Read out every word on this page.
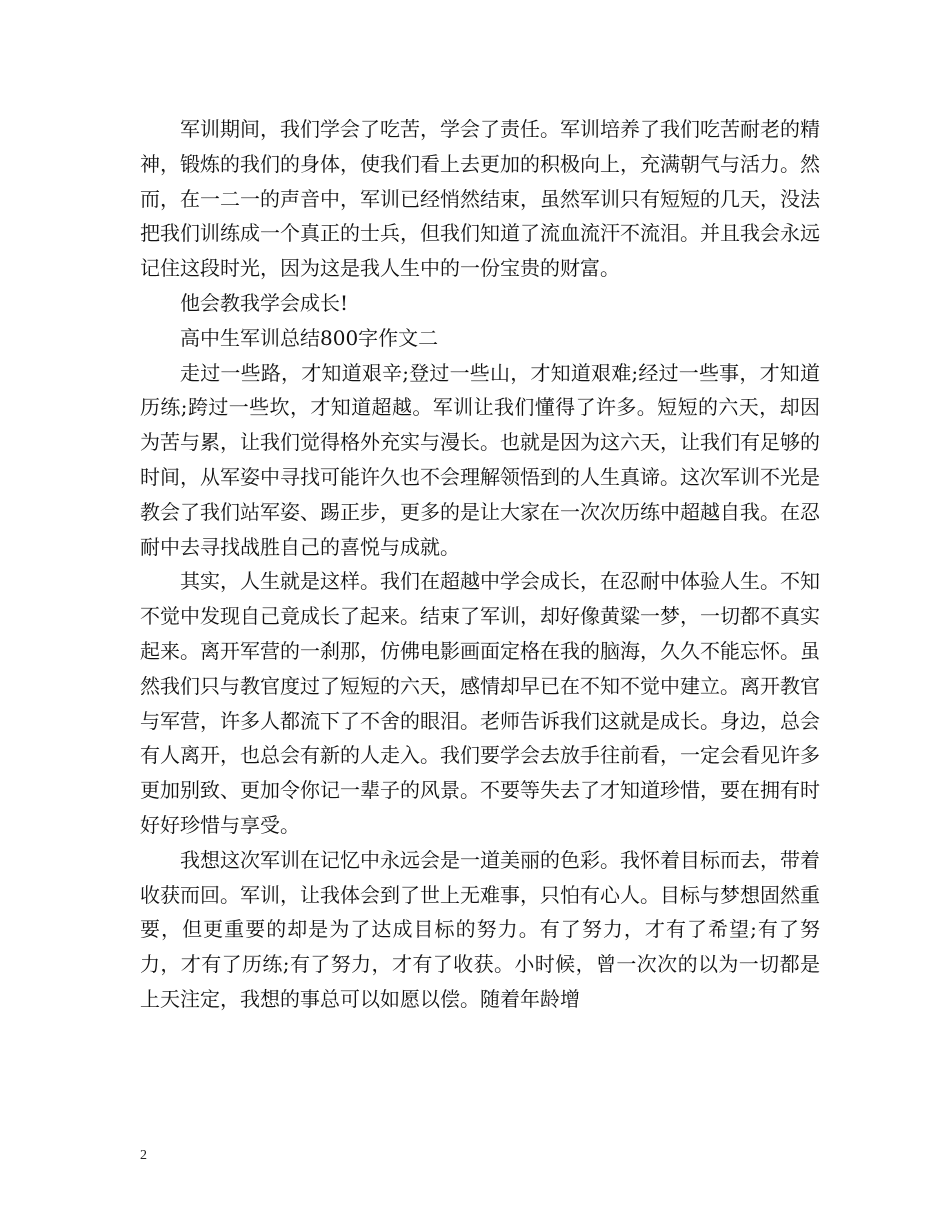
军训期间，我们学会了吃苦，学会了责任。军训培养了我们吃苦耐老的精神，锻炼的我们的身体，使我们看上去更加的积极向上，充满朝气与活力。然而，在一二一的声音中，军训已经悄然结束，虽然军训只有短短的几天，没法把我们训练成一个真正的士兵，但我们知道了流血流汗不流泪。并且我会永远记住这段时光，因为这是我人生中的一份宝贵的财富。

他会教我学会成长!

高中生军训总结800字作文二

走过一些路，才知道艰辛;登过一些山，才知道艰难;经过一些事，才知道历练;跨过一些坎，才知道超越。军训让我们懂得了许多。短短的六天，却因为苦与累，让我们觉得格外充实与漫长。也就是因为这六天，让我们有足够的时间，从军姿中寻找可能许久也不会理解领悟到的人生真谛。这次军训不光是教会了我们站军姿、踢正步，更多的是让大家在一次次历练中超越自我。在忍耐中去寻找战胜自己的喜悦与成就。

其实，人生就是这样。我们在超越中学会成长，在忍耐中体验人生。不知不觉中发现自己竟成长了起来。结束了军训，却好像黄粱一梦，一切都不真实起来。离开军营的一刹那，仿佛电影画面定格在我的脑海，久久不能忘怀。虽然我们只与教官度过了短短的六天，感情却早已在不知不觉中建立。离开教官与军营，许多人都流下了不舍的眼泪。老师告诉我们这就是成长。身边，总会有人离开，也总会有新的人走入。我们要学会去放手往前看，一定会看见许多更加别致、更加令你记一辈子的风景。不要等失去了才知道珍惜，要在拥有时好好珍惜与享受。

我想这次军训在记忆中永远会是一道美丽的色彩。我怀着目标而去，带着收获而回。军训，让我体会到了世上无难事，只怕有心人。目标与梦想固然重要，但更重要的却是为了达成目标的努力。有了努力，才有了希望;有了努力，才有了历练;有了努力，才有了收获。小时候，曾一次次的以为一切都是上天注定，我想的事总可以如愿以偿。随着年龄增

2
